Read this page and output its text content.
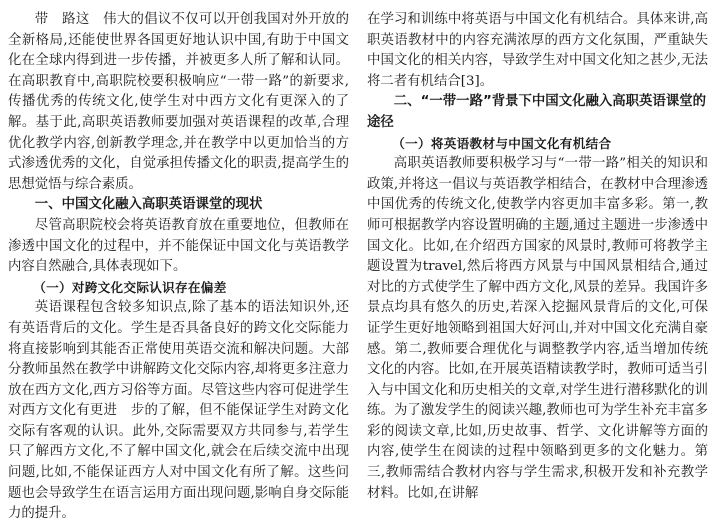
带　路这　伟大的倡议不仅可以开创我国对外开放的全新格局,还能使世界各国更好地认识中国,有助于中国文化在全球内得到进一步传播，并被更多人所了解和认同。在高职教育中,高职院校要积极响应“一带一路”的新要求,传播优秀的传统文化,使学生对中西方文化有更深入的了解。基于此,高职英语教师要加强对英语课程的改革,合理优化教学内容,创新教学理念,并在教学中以更加恰当的方式渗透优秀的文化，自觉承担传播文化的职责,提高学生的思想觉悟与综合素质。

一、中国文化融入高职英语课堂的现状

尽管高职院校会将英语教育放在重要地位，但教师在渗透中国文化的过程中，并不能保证中国文化与英语教学内容自然融合,具体表现如下。

（一）对跨文化交际认识存在偏差

英语课程包含较多知识点,除了基本的语法知识外,还有英语背后的文化。学生是否具备良好的跨文化交际能力将直接影响到其能否正常使用英语交流和解决问题。大部分教师虽然在教学中讲解跨文化交际内容,却将更多注意力放在西方文化,西方习俗等方面。尽管这些内容可促进学生对西方文化有更进　步的了解，但不能保证学生对跨文化交际有客观的认识。此外,交际需要双方共同参与,若学生只了解西方文化,不了解中国文化,就会在后续交流中出现问题,比如,不能保证西方人对中国文化有所了解。这些问题也会导致学生在语言运用方面出现问题,影响自身交际能力的提升。

在学习和训练中将英语与中国文化有机结合。具体来讲,高职英语教材中的内容充满浓厚的西方文化氛围，严重缺失中国文化的相关内容，导致学生对中国文化知之甚少,无法将二者有机结合[3]。

二、“一带一路”背景下中国文化融入高职英语课堂的途径
（一）将英语教材与中国文化有机结合

高职英语教师要积极学习与“一带一路”相关的知识和政策,并将这一倡议与英语教学相结合，在教材中合理渗透中国优秀的传统文化,使教学内容更加丰富多彩。第一,教师可根据教学内容设置明确的主题,通过主题进一步渗透中国文化。比如,在介绍西方国家的风景时,教师可将教学主题设置为travel,然后将西方风景与中国风景相结合,通过对比的方式使学生了解中西方文化,风景的差异。我国许多景点均具有悠久的历史,若深入挖掘风景背后的文化,可保证学生更好地领略到祖国大好河山,并对中国文化充满自豪感。第二,教师要合理优化与调整教学内容,适当增加传统文化的内容。比如,在开展英语精读教学时，教师可适当引入与中国文化和历史相关的文章,对学生进行潜移默化的训练。为了激发学生的阅读兴趣,教师也可为学生补充丰富多彩的阅读文章,比如,历史故事、哲学、文化讲解等方面的内容,使学生在阅读的过程中领略到更多的文化魅力。第三,教师需结合教材内容与学生需求,积极开发和补充教学材料。比如,在讲解
